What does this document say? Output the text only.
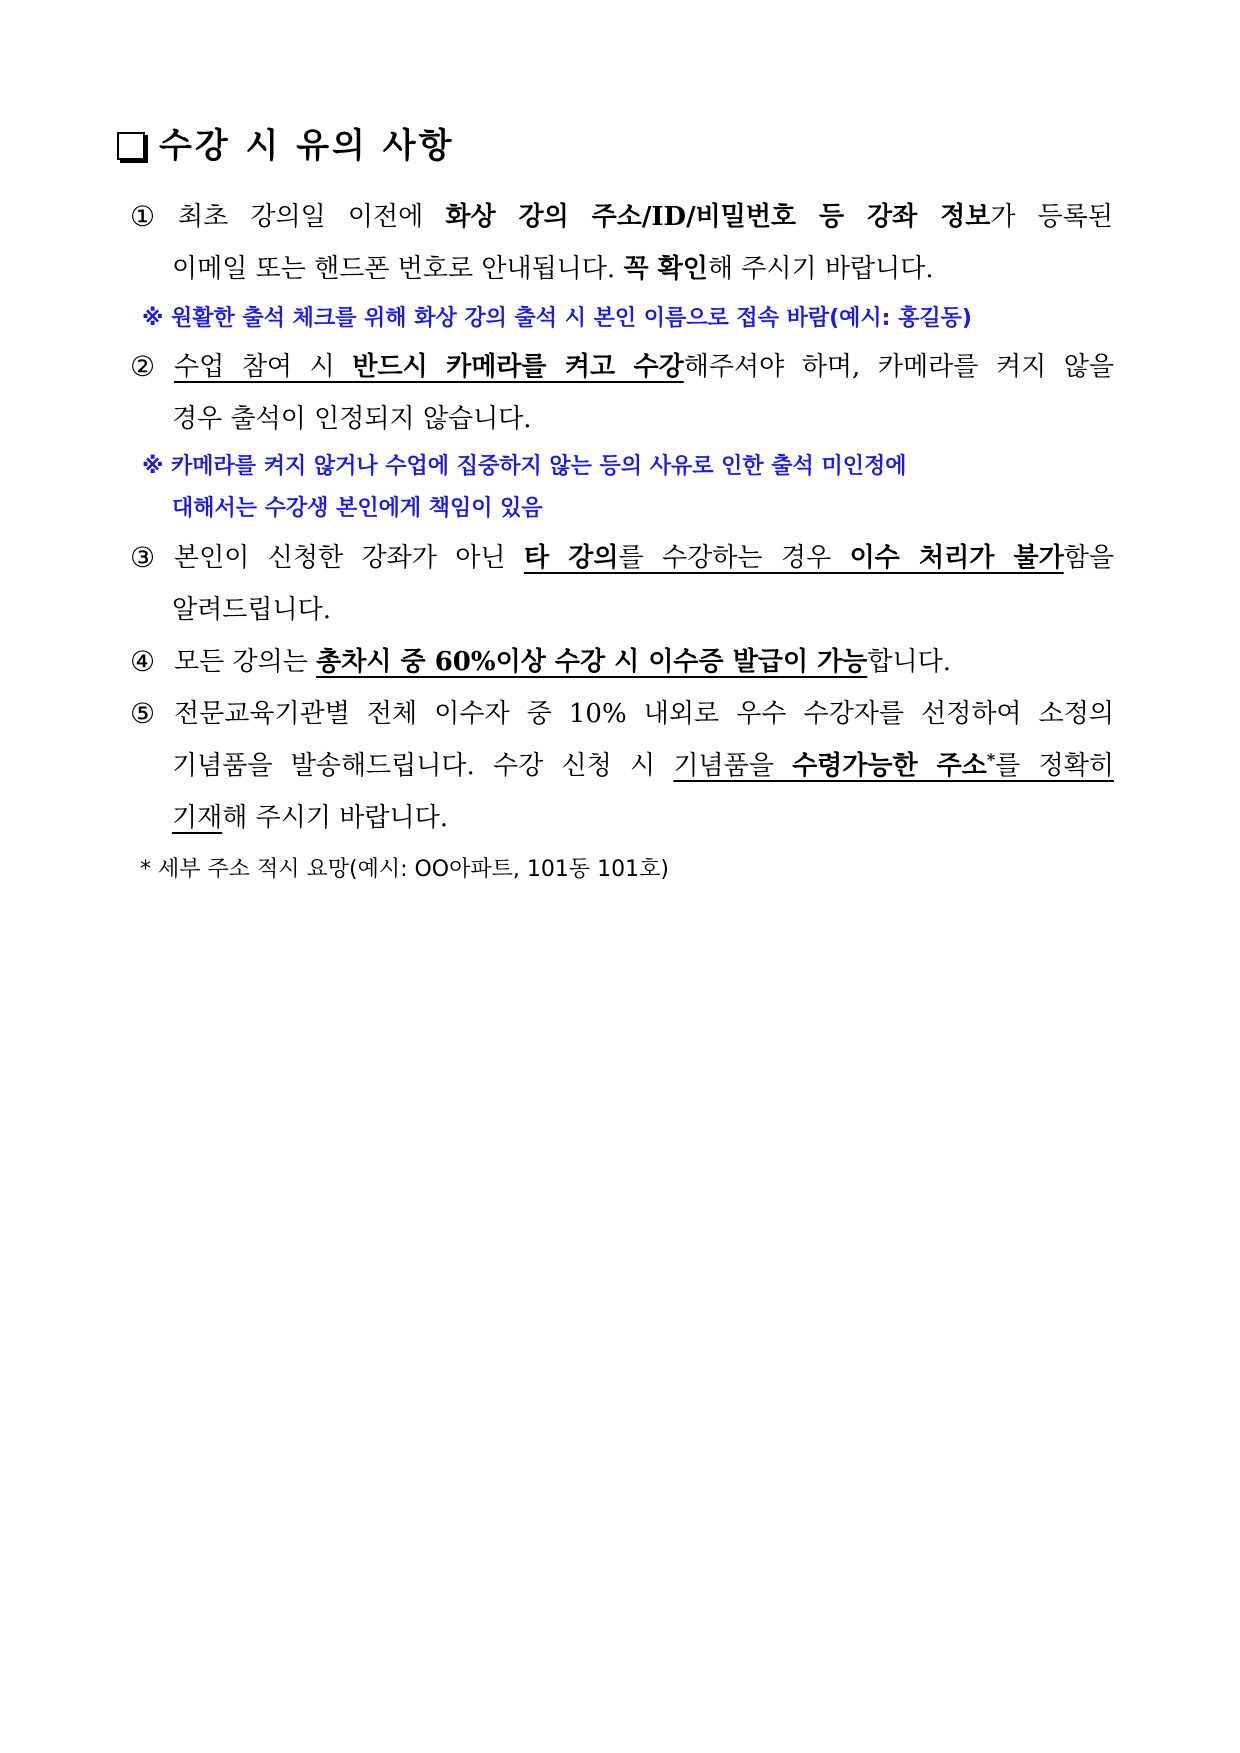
수강 시 유의 사항
① 최초 강의일 이전에 화상 강의 주소/ID/비밀번호 등 강좌 정보가 등록된
이메일 또는 핸드폰 번호로 안내됩니다. 꼭 확인해 주시기 바랍니다.
※ 원활한 출석 체크를 위해 화상 강의 출석 시 본인 이름으로 접속 바람(예시: 홍길동)
② 수업 참여 시 반드시 카메라를 켜고 수강해주셔야 하며, 카메라를 켜지 않을
경우 출석이 인정되지 않습니다.
※ 카메라를 켜지 않거나 수업에 집중하지 않는 등의 사유로 인한 출석 미인정에
대해서는 수강생 본인에게 책임이 있음
③ 본인이 신청한 강좌가 아닌 타 강의를 수강하는 경우 이수 처리가 불가함을
알려드립니다.
④ 모든 강의는 총차시 중 60%이상 수강 시 이수증 발급이 가능합니다.
⑤ 전문교육기관별 전체 이수자 중 10% 내외로 우수 수강자를 선정하여 소정의
기념품을 발송해드립니다. 수강 신청 시 기념품을 수령가능한 주소*를 정확히
기재해 주시기 바랍니다.
* 세부 주소 적시 요망(예시: OO아파트, 101동 101호)
